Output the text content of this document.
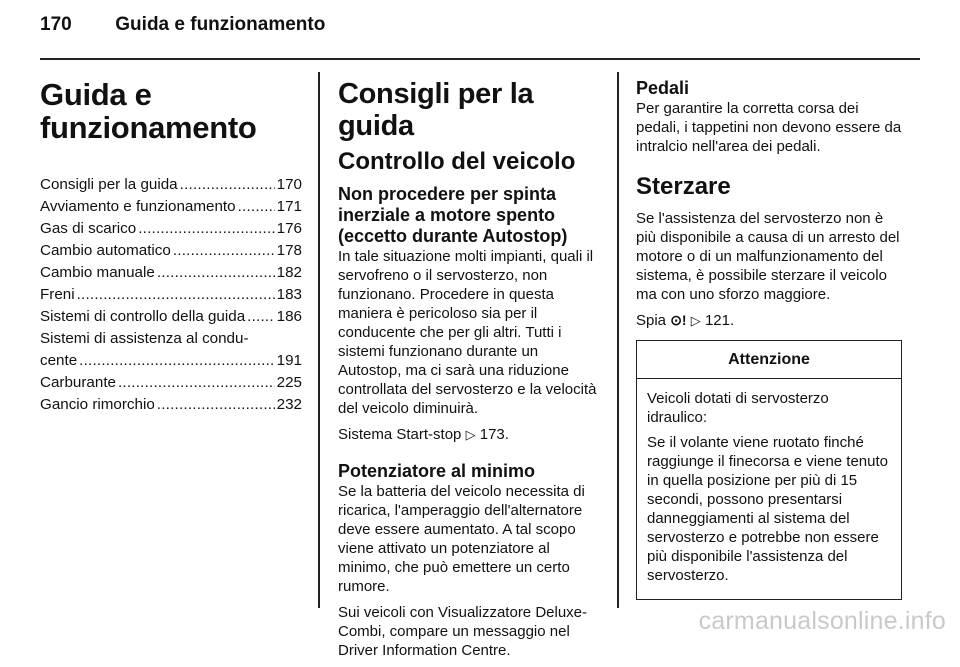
170 Guida e funzionamento
Guida e
funzionamento
Consigli per la guida . . .	170
Avviamento e funzionamento . . .	171
Gas di scarico . . .	176
Cambio automatico . . .	178
Cambio manuale . . .	182
Freni . . .	183
Sistemi di controllo della guida . . . 186
Sistemi di assistenza al condu-
cente . . .	191
Carburante . . .	225
Gancio rimorchio . . .	232
Consigli per la guida
Controllo del veicolo
Non procedere per spinta
inerziale a motore spento
(eccetto durante Autostop)

In tale situazione molti impianti, quali il servofreno o il servosterzo, non funzionano. Procedere in questa maniera è pericoloso sia per il conducente che per gli altri. Tutti i sistemi funzionano durante un Autostop, ma ci sarà una riduzione controllata del servosterzo e la velocità del veicolo diminuirà.

Sistema Start-stop ▷ 173.

Potenziatore al minimo

Se la batteria del veicolo necessita di ricarica, l'amperaggio dell'alternatore deve essere aumentato. A tal scopo viene attivato un potenziatore al minimo, che può emettere un certo rumore.

Sui veicoli con Visualizzatore Deluxe-Combi, compare un messaggio nel Driver Information Centre.

Pedali

Per garantire la corretta corsa dei pedali, i tappetini non devono essere da intralcio nell'area dei pedali.

Sterzare

Se l'assistenza del servosterzo non è più disponibile a causa di un arresto del motore o di un malfunzionamento del sistema, è possibile sterzare il veicolo ma con uno sforzo maggiore.

Spia ⊙! ▷ 121.

Attenzione

Veicoli dotati di servosterzo idraulico:

Se il volante viene ruotato finché raggiunge il finecorsa e viene tenuto in quella posizione per più di 15 secondi, possono presentarsi danneggiamenti al sistema del servosterzo e potrebbe non essere più disponibile l'assistenza del servosterzo.

carmanualsonline.info
